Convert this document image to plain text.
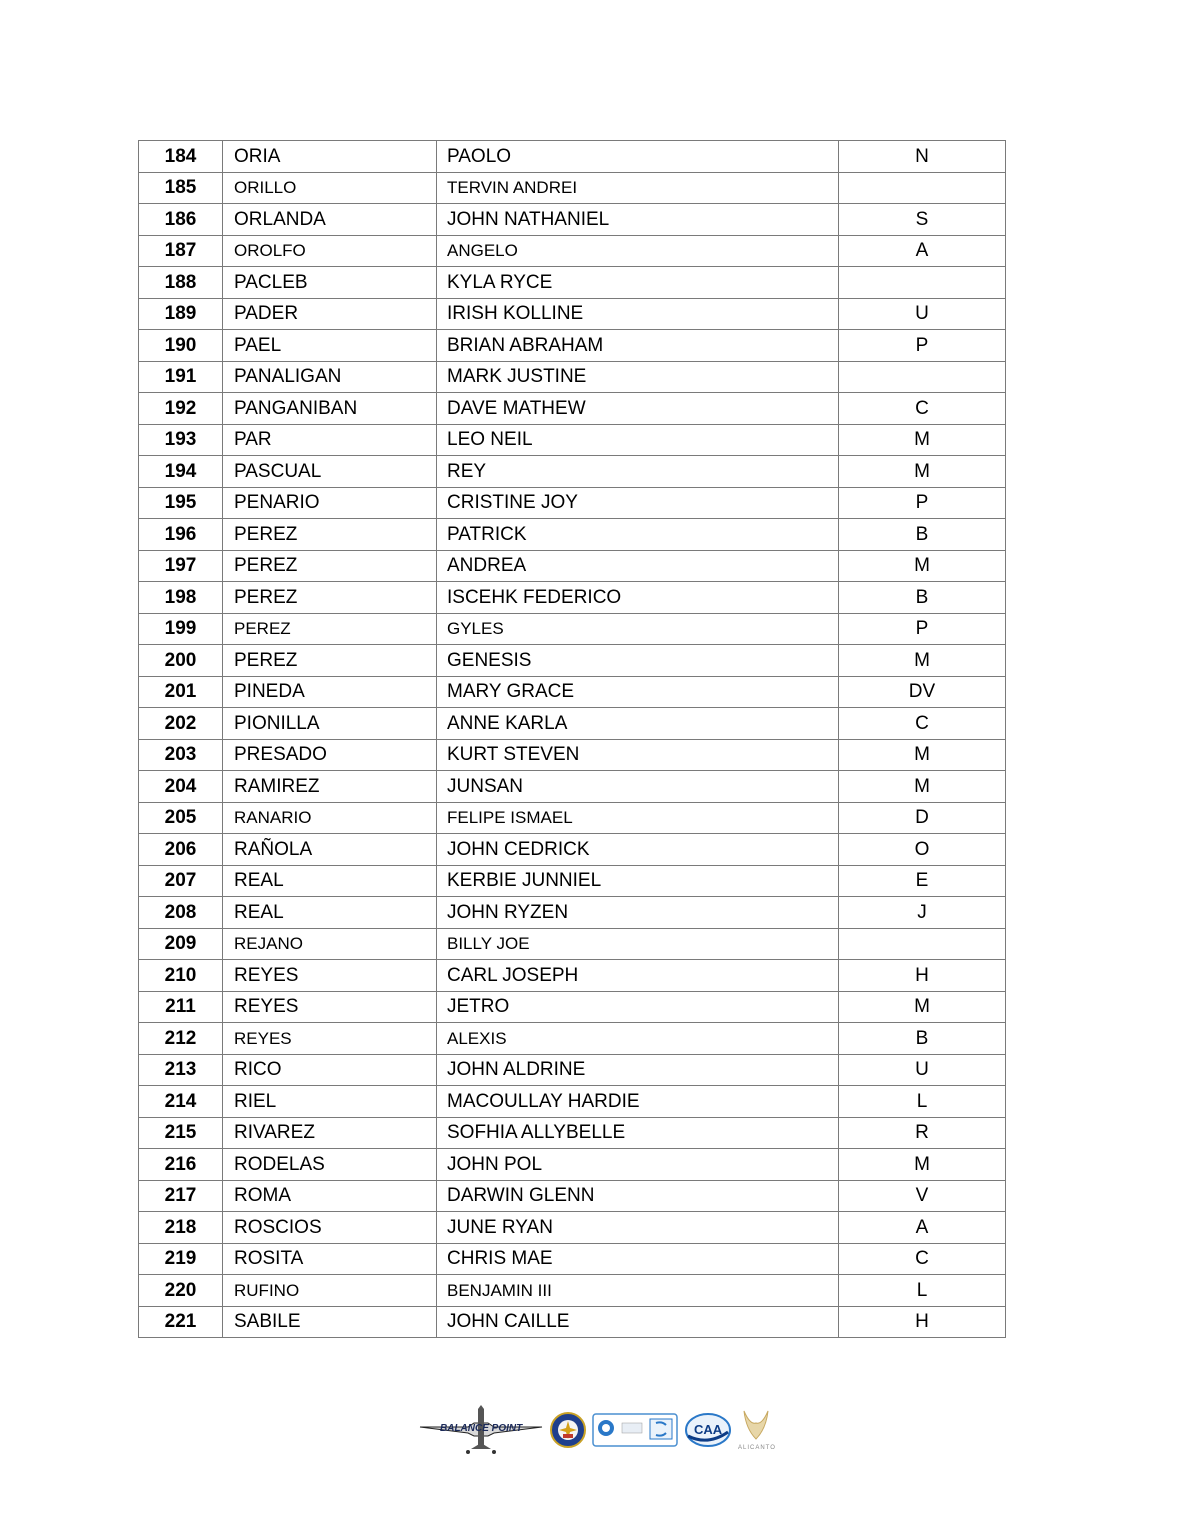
184	ORIA	PAOLO	N
185	ORILLO	TERVIN ANDREI	
186	ORLANDA	JOHN NATHANIEL	S
187	OROLFO	ANGELO	A
188	PACLEB	KYLA RYCE	
189	PADER	IRISH KOLLINE	U
190	PAEL	BRIAN ABRAHAM	P
191	PANALIGAN	MARK JUSTINE	
192	PANGANIBAN	DAVE MATHEW	C
193	PAR	LEO NEIL	M
194	PASCUAL	REY	M
195	PENARIO	CRISTINE JOY	P
196	PEREZ	PATRICK	B
197	PEREZ	ANDREA	M
198	PEREZ	ISCEHK FEDERICO	B
199	PEREZ	GYLES	P
200	PEREZ	GENESIS	M
201	PINEDA	MARY GRACE	DV
202	PIONILLA	ANNE KARLA	C
203	PRESADO	KURT STEVEN	M
204	RAMIREZ	JUNSAN	M
205	RANARIO	FELIPE ISMAEL	D
206	RAÑOLA	JOHN CEDRICK	O
207	REAL	KERBIE JUNNIEL	E
208	REAL	JOHN RYZEN	J
209	REJANO	BILLY JOE	
210	REYES	CARL JOSEPH	H
211	REYES	JETRO	M
212	REYES	ALEXIS	B
213	RICO	JOHN ALDRINE	U
214	RIEL	MACOULLAY HARDIE	L
215	RIVAREZ	SOFHIA ALLYBELLE	R
216	RODELAS	JOHN POL	M
217	ROMA	DARWIN GLENN	V
218	ROSCIOS	JUNE RYAN	A
219	ROSITA	CHRIS MAE	C
220	RUFINO	BENJAMIN III	L
221	SABILE	JOHN CAILLE	H
BALANCE POINT	CAA
ALICANTO
